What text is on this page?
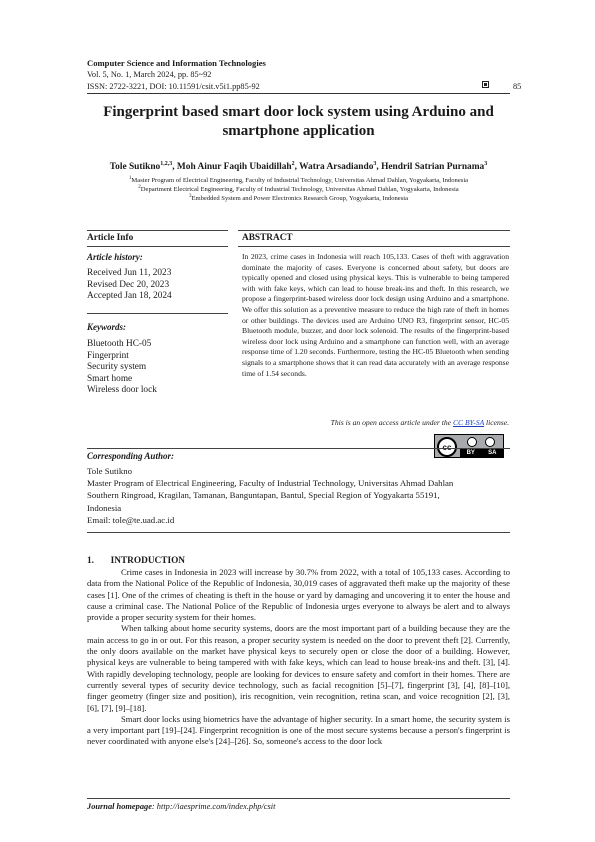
Computer Science and Information Technologies
Vol. 5, No. 1, March 2024, pp. 85~92
ISSN: 2722-3221, DOI: 10.11591/csit.v5i1.pp85-92	85
Fingerprint based smart door lock system using Arduino and smartphone application
Tole Sutikno$^{1,2,3}$, Moh Ainur Faqih Ubaidillah$^2$, Watra Arsadiando$^3$, Hendril Satrian Purnama$^3$
$^1$Master Program of Electrical Engineering, Faculty of Industrial Technology, Universitas Ahmad Dahlan, Yogyakarta, Indonesia
$^2$Department Electrical Engineering, Faculty of Industrial Technology, Universitas Ahmad Dahlan, Yogyakarta, Indonesia
$^3$Embedded System and Power Electronics Research Group, Yogyakarta, Indonesia
Article Info
Article history:
Received Jun 11, 2023
Revised Dec 20, 2023
Accepted Jan 18, 2024
Keywords:
Bluetooth HC-05
Fingerprint
Security system
Smart home
Wireless door lock
ABSTRACT
In 2023, crime cases in Indonesia will reach 105,133. Cases of theft with aggravation dominate the majority of cases. Everyone is concerned about safety, but doors are typically opened and closed using physical keys. This is vulnerable to being tampered with with fake keys, which can lead to house break-ins and theft. In this research, we propose a fingerprint-based wireless door lock design using Arduino and a smartphone. We offer this solution as a preventive measure to reduce the high rate of theft in homes or other buildings. The devices used are Arduino UNO R3, fingerprint sensor, HC-05 Bluetooth module, buzzer, and door lock solenoid. The results of the fingerprint-based wireless door lock using Arduino and a smartphone can function well, with an average response time of 1.20 seconds. Furthermore, testing the HC-05 Bluetooth when sending signals to a smartphone shows that it can read data accurately with an average response time of 1.54 seconds.
This is an open access article under the CC BY-SA license.
cc
BY SA
Corresponding Author:
Tole Sutikno
Master Program of Electrical Engineering, Faculty of Industrial Technology, Universitas Ahmad Dahlan
Southern Ringroad, Kragilan, Tamanan, Banguntapan, Bantul, Special Region of Yogyakarta 55191,
Indonesia
Email: tole@te.uad.ac.id
1. INTRODUCTION

Crime cases in Indonesia in 2023 will increase by 30.7% from 2022, with a total of 105,133 cases. According to data from the National Police of the Republic of Indonesia, 30,019 cases of aggravated theft make up the majority of these cases [1]. One of the crimes of cheating is theft in the house or yard by damaging and uncovering it to enter the house and cause a criminal case. The National Police of the Republic of Indonesia urges everyone to always be alert and to always provide a proper security system for their homes.

When talking about home security systems, doors are the most important part of a building because they are the main access to go in or out. For this reason, a proper security system is needed on the door to prevent theft [2]. Currently, the only doors available on the market have physical keys to securely open or close the door of a building. However, physical keys are vulnerable to being tampered with with fake keys, which can lead to house break-ins and theft. [3], [4]. With rapidly developing technology, people are looking for devices to ensure safety and comfort in their homes. There are currently several types of security device technology, such as facial recognition [5]–[7], fingerprint [3], [4], [8]–[10], finger geometry (finger size and position), iris recognition, vein recognition, retina scan, and voice recognition [2], [3], [6], [7], [9]–[18].

Smart door locks using biometrics have the advantage of higher security. In a smart home, the security system is a very important part [19]–[24]. Fingerprint recognition is one of the most secure systems because a person's fingerprint is never coordinated with anyone else's [24]–[26]. So, someone's access to the door lock

Journal homepage: http://iaesprime.com/index.php/csit
